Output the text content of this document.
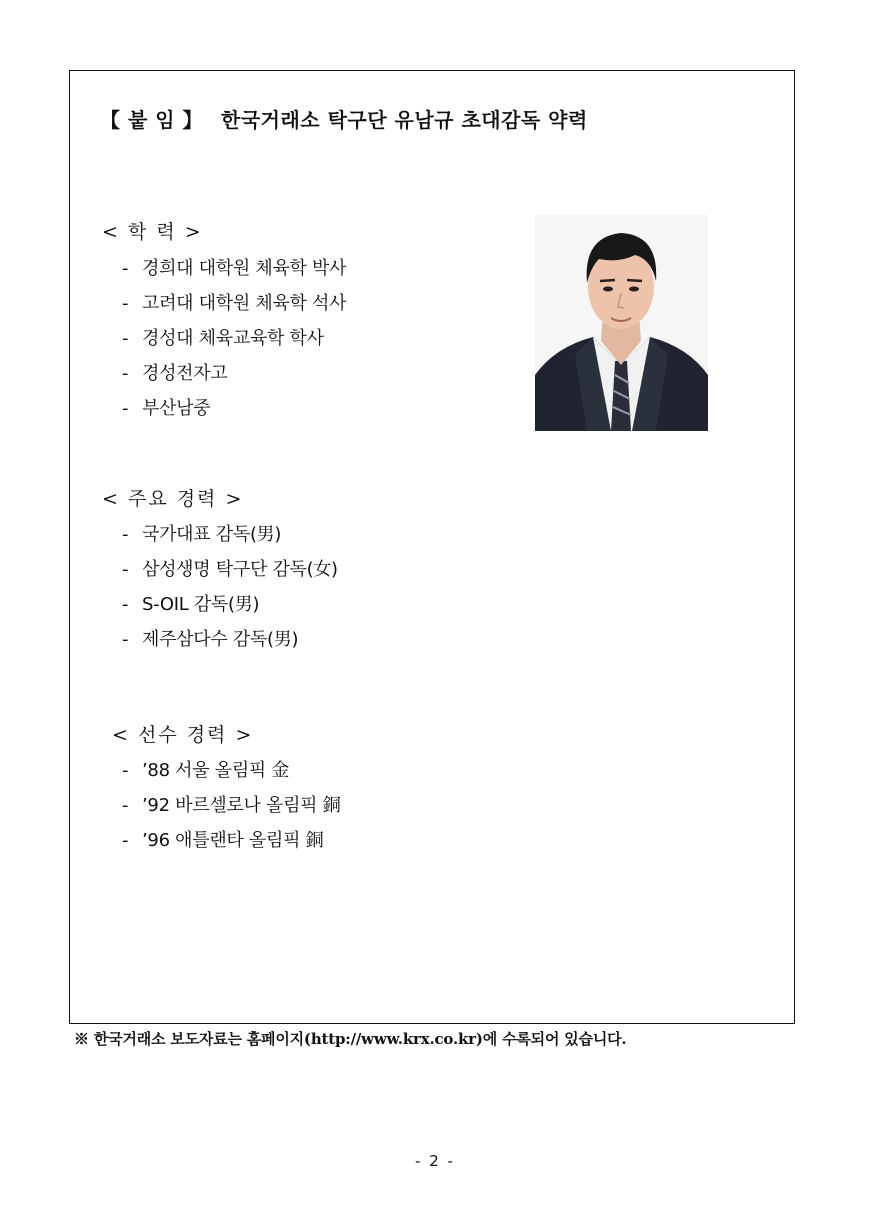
【 붙 임 】 한국거래소 탁구단 유남규 초대감독 약력
< 학 력 >
- 경희대 대학원 체육학 박사
- 고려대 대학원 체육학 석사
- 경성대 체육교육학 학사
- 경성전자고
- 부산남중
< 주요 경력 >
- 국가대표 감독(男)
- 삼성생명 탁구단 감독(女)
- S-OIL 감독(男)
- 제주삼다수 감독(男)
< 선수 경력 >
- ’88 서울 올림픽 金
- ’92 바르셀로나 올림픽 銅
- ’96 애틀랜타 올림픽 銅
※ 한국거래소 보도자료는 홈페이지(http://www.krx.co.kr)에 수록되어 있습니다.
- 2 -
